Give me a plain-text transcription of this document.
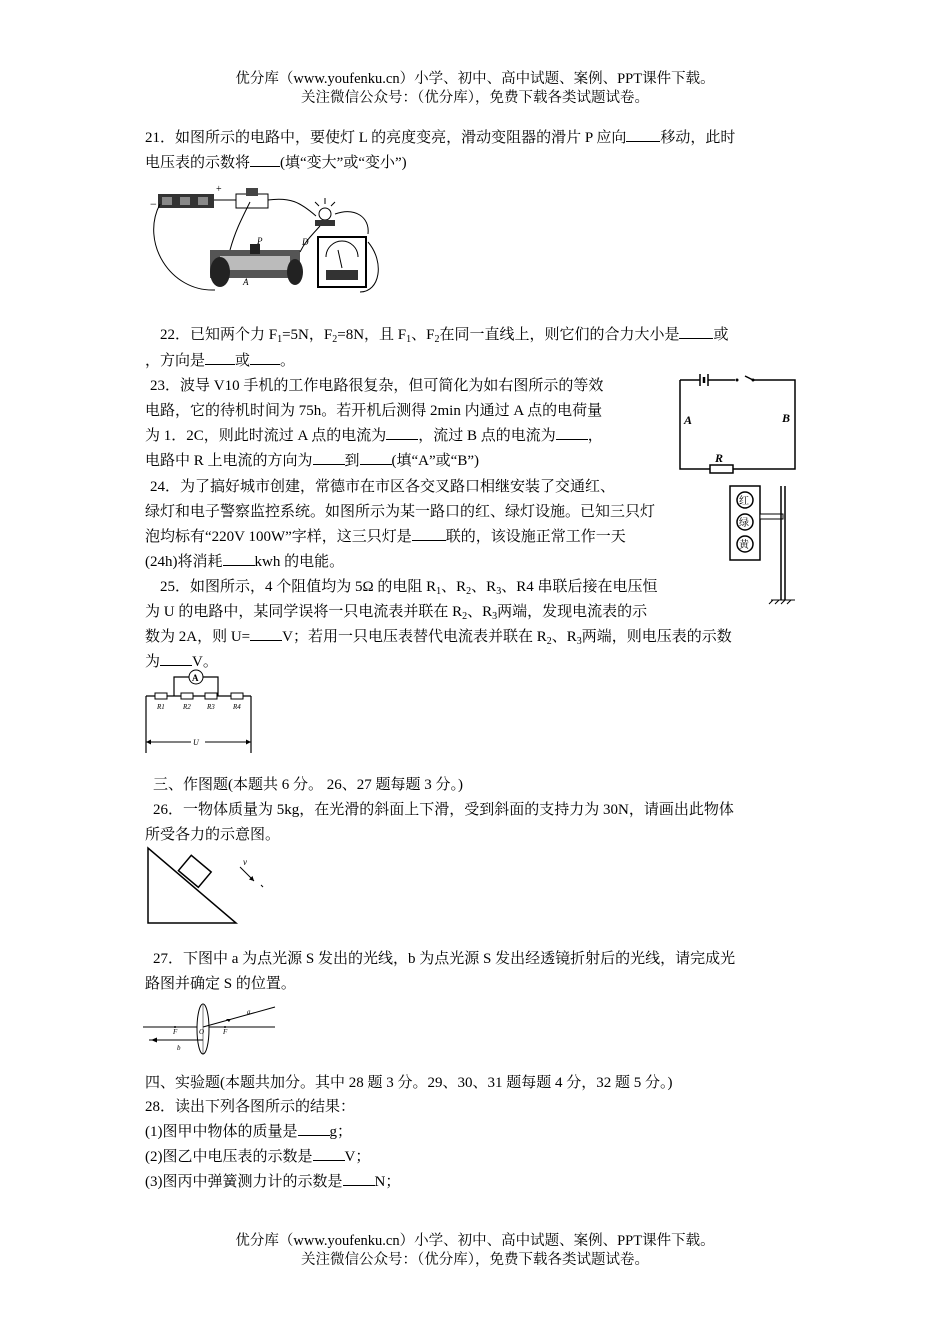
优分库（www.youfenku.cn）小学、初中、高中试题、案例、PPT课件下载。
关注微信公众号：（优分库），免费下载各类试题试卷。
21．如图所示的电路中，要使灯 L 的亮度变亮，滑动变阻器的滑片 P 应向 移动，此时
电压表的示数将 (填“变大”或“变小”)
−
+
P
A
D
22．已知两个力 $F_1=5N$，$F_2=8N$，且 $F_1$、$F_2$在同一直线上，则它们的合力大小是 或
，方向是 或 。
23．波导 V10 手机的工作电路很复杂，但可简化为如右图所示的等效
电路，它的待机时间为 75h。若开机后测得 2min 内通过 A 点的电荷量
为 1．2C，则此时流过 A 点的电流为 ，流过 B 点的电流为 ，
电路中 R 上电流的方向为 到 (填“A”或“B”)	R
A	B
24．为了搞好城市创建，常德市在市区各交叉路口相继安装了交通红、
绿灯和电子警察监控系统。如图所示为某一路口的红、绿灯设施。已知三只灯
泡均标有“220V 100W”字样，这三只灯是 联的，该设施正常工作一天
(24h)将消耗 kwh 的电能。
红
绿
黄
25．如图所示，4 个阻值均为 5Ω 的电阻 $R_1$、$R_2$、$R_3$、R4 串联后接在电压恒
为 U 的电路中，某同学误将一只电流表并联在 $R_2$、$R_3$两端，发现电流表的示
数为 2A，则 U= V；若用一只电压表替代电流表并联在 $R_2$、$R_3$两端，则电压表的示数
为 V。
A
R1	R2 R3	R4
U
三、作图题(本题共 6 分。 26、27 题每题 3 分。)
26．一物体质量为 5kg，在光滑的斜面上下滑，受到斜面的支持力为 30N，请画出此物体
所受各力的示意图。
v
27．下图中 a 为点光源 S 发出的光线，b 为点光源 S 发出经透镜折射后的光线，请完成光
路图并确定 S 的位置。
a
b
F	O	F
四、实验题(本题共加分。其中 28 题 3 分。29、30、31 题每题 4 分，32 题 5 分。)
28．读出下列各图所示的结果：
(1)图甲中物体的质量是 g；
(2)图乙中电压表的示数是 V；
(3)图丙中弹簧测力计的示数是 N；
优分库（www.youfenku.cn）小学、初中、高中试题、案例、PPT课件下载。
关注微信公众号：（优分库），免费下载各类试题试卷。
